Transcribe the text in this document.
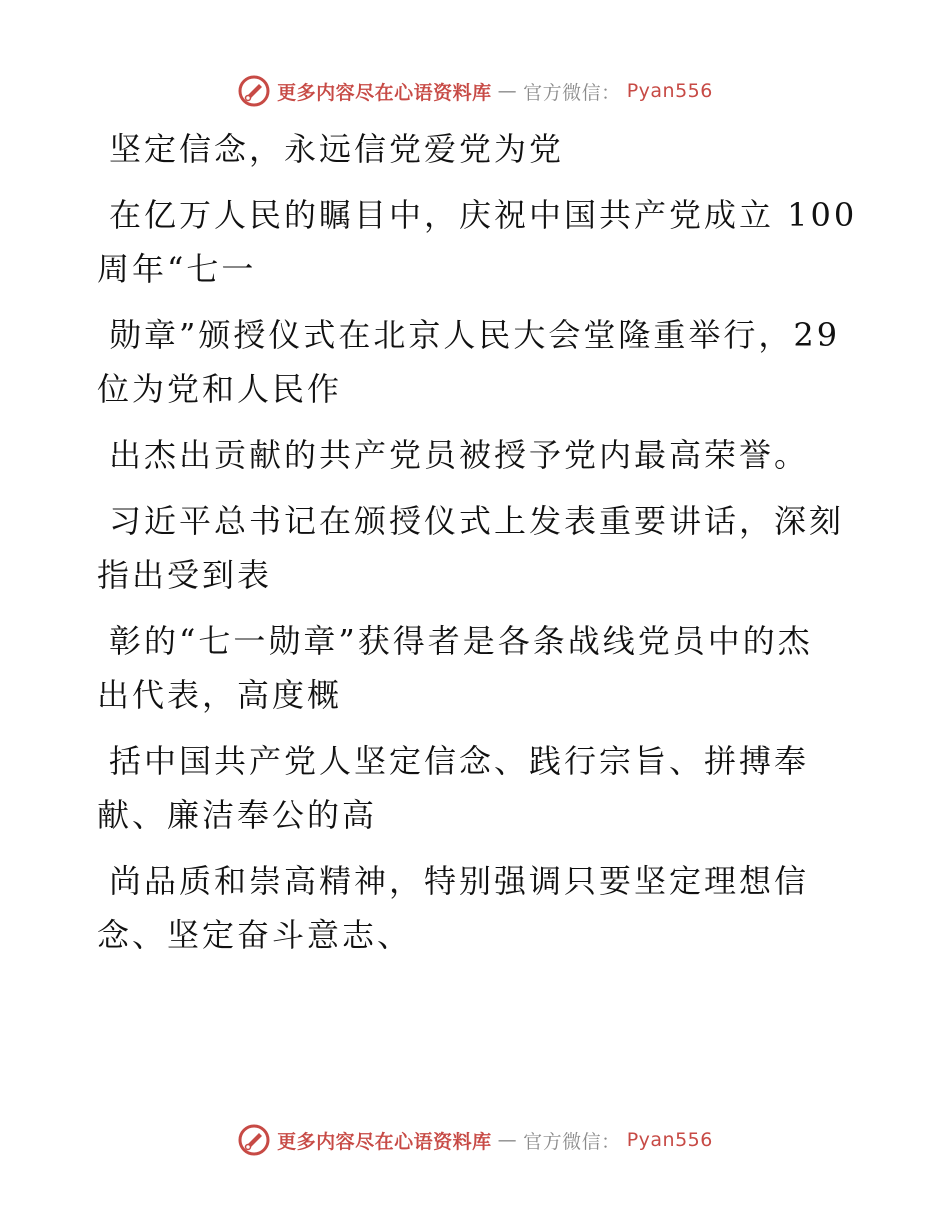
更多内容尽在心语资料库 — 官方微信： Pyan556
坚定信念，永远信党爱党为党
在亿万人民的瞩目中，庆祝中国共产党成立 100
周年“七一
勋章”颁授仪式在北京人民大会堂隆重举行，29
位为党和人民作
出杰出贡献的共产党员被授予党内最高荣誉。
习近平总书记在颁授仪式上发表重要讲话，深刻
指出受到表
彰的“七一勋章”获得者是各条战线党员中的杰
出代表，高度概
括中国共产党人坚定信念、践行宗旨、拼搏奉
献、廉洁奉公的高
尚品质和崇高精神，特别强调只要坚定理想信
念、坚定奋斗意志、
更多内容尽在心语资料库 — 官方微信： Pyan556
